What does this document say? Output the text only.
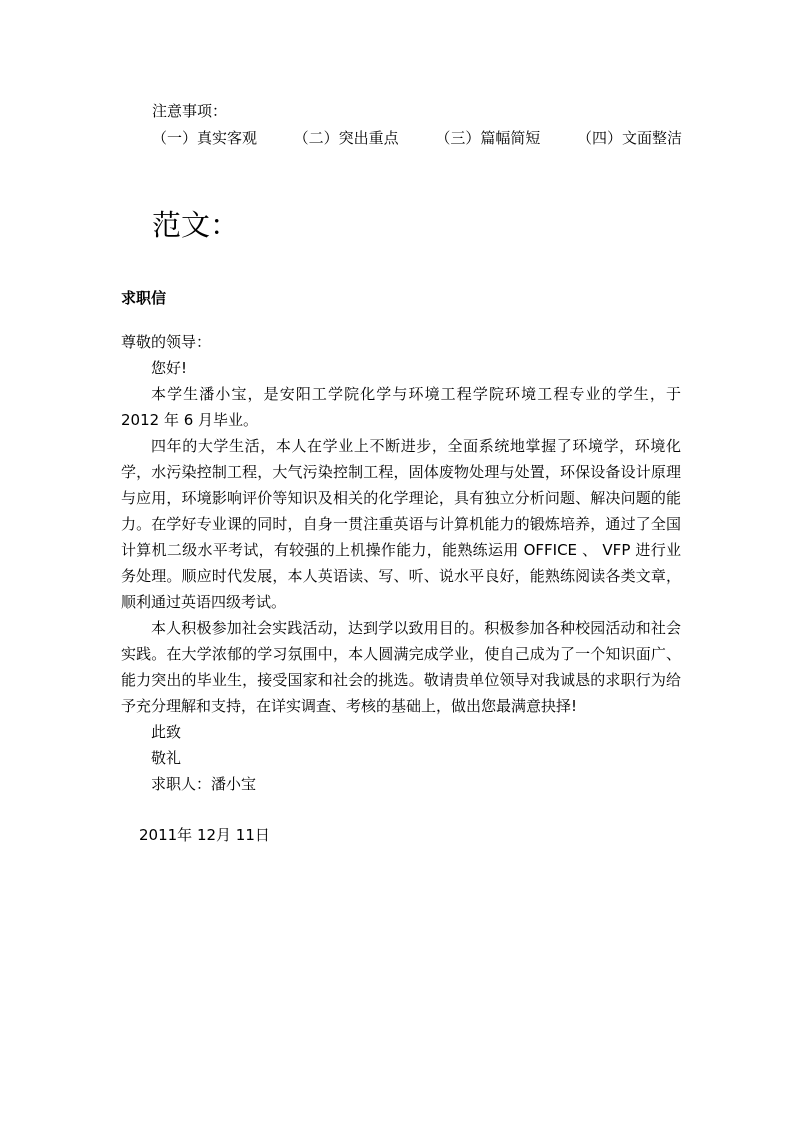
注意事项：
（一）真实客观 （二）突出重点 （三）篇幅简短 （四）文面整洁
范文：
求职信

尊敬的领导：

您好!

本学生潘小宝，是安阳工学院化学与环境工程学院环境工程专业的学生，于 2012 年 6 月毕业。

四年的大学生活，本人在学业上不断进步，全面系统地掌握了环境学，环境化学，水污染控制工程，大气污染控制工程，固体废物处理与处置，环保设备设计原理与应用，环境影响评价等知识及相关的化学理论，具有独立分析问题、解决问题的能力。在学好专业课的同时，自身一贯注重英语与计算机能力的锻炼培养，通过了全国计算机二级水平考试，有较强的上机操作能力，能熟练运用 OFFICE 、 VFP 进行业务处理。顺应时代发展，本人英语读、写、听、说水平良好，能熟练阅读各类文章，顺利通过英语四级考试。

本人积极参加社会实践活动，达到学以致用目的。积极参加各种校园活动和社会实践。在大学浓郁的学习氛围中，本人圆满完成学业，使自己成为了一个知识面广、能力突出的毕业生，接受国家和社会的挑选。敬请贵单位领导对我诚恳的求职行为给予充分理解和支持，在详实调查、考核的基础上，做出您最满意抉择!

此致

敬礼

求职人：潘小宝

2011年 12月 11日
